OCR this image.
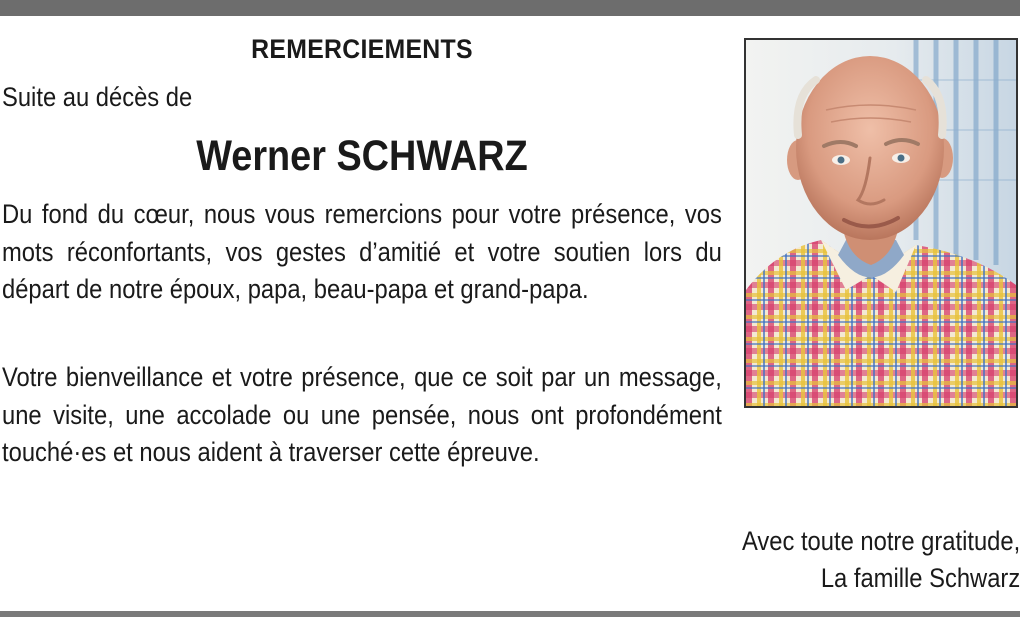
REMERCIEMENTS
Suite au décès de
Werner SCHWARZ
Du fond du cœur, nous vous remercions pour votre présence, vos mots réconfortants, vos gestes d’amitié et votre soutien lors du départ de notre époux, papa, beau-papa et grand-papa.
Votre bienveillance et votre présence, que ce soit par un message, une visite, une accolade ou une pensée, nous ont profondément touché·es et nous aident à traverser cette épreuve.
Avec toute notre gratitude,
La famille Schwarz
